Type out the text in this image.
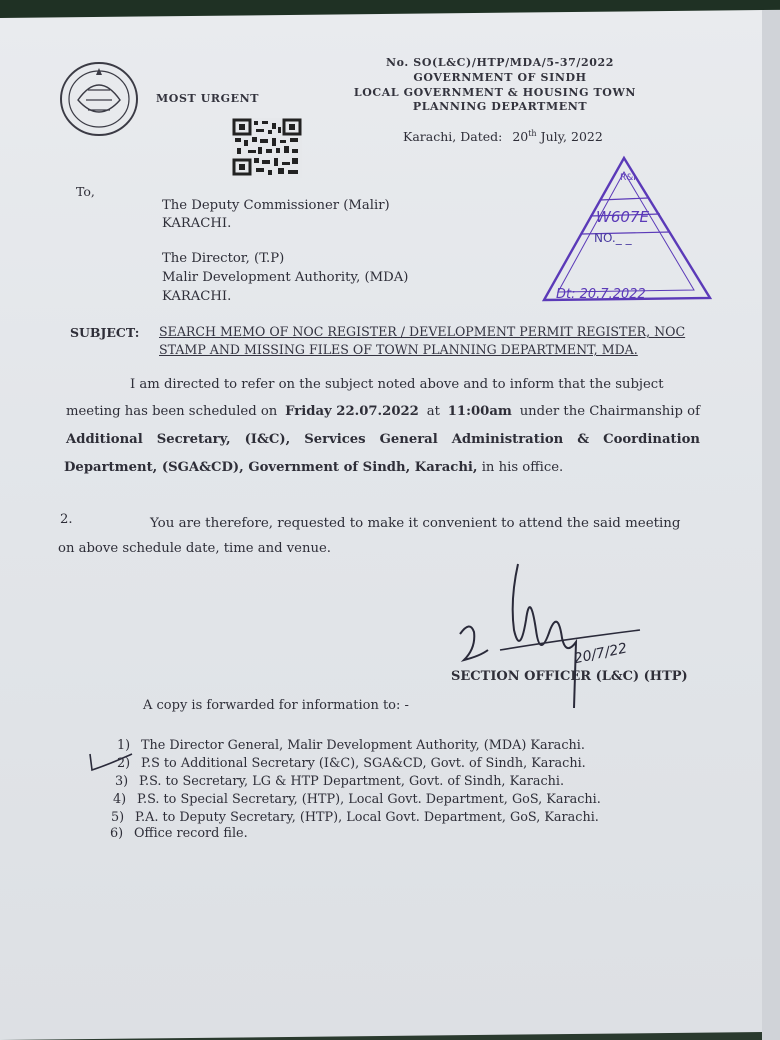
No. SO(L&C)/HTP/MDA/5-37/2022
GOVERNMENT OF SINDH
LOCAL GOVERNMENT & HOUSING TOWN
PLANNING DEPARTMENT
MOST URGENT
Karachi, Dated: 20th July, 2022
R&I
W607E
NO._ _
Dt: 20.7.2022
To,
The Deputy Commissioner (Malir)
KARACHI.
The Director, (T.P)
Malir Development Authority, (MDA)
KARACHI.
SUBJECT: SEARCH MEMO OF NOC REGISTER / DEVELOPMENT PERMIT REGISTER, NOC
STAMP AND MISSING FILES OF TOWN PLANNING DEPARTMENT, MDA.
I am directed to refer on the subject noted above and to inform that the subject
meeting has been scheduled on Friday 22.07.2022 at 11:00am under the Chairmanship of
Additional Secretary, (I&C), Services General Administration & Coordination
Department, (SGA&CD), Government of Sindh, Karachi, in his office.
2.	You are therefore, requested to make it convenient to attend the said meeting
on above schedule date, time and venue.
20/7/22
SECTION OFFICER (L&C) (HTP)
A copy is forwarded for information to: -
1) The Director General, Malir Development Authority, (MDA) Karachi.
2) P.S to Additional Secretary (I&C), SGA&CD, Govt. of Sindh, Karachi.
3) P.S. to Secretary, LG & HTP Department, Govt. of Sindh, Karachi.
4) P.S. to Special Secretary, (HTP), Local Govt. Department, GoS, Karachi.
5) P.A. to Deputy Secretary, (HTP), Local Govt. Department, GoS, Karachi.
6) Office record file.
